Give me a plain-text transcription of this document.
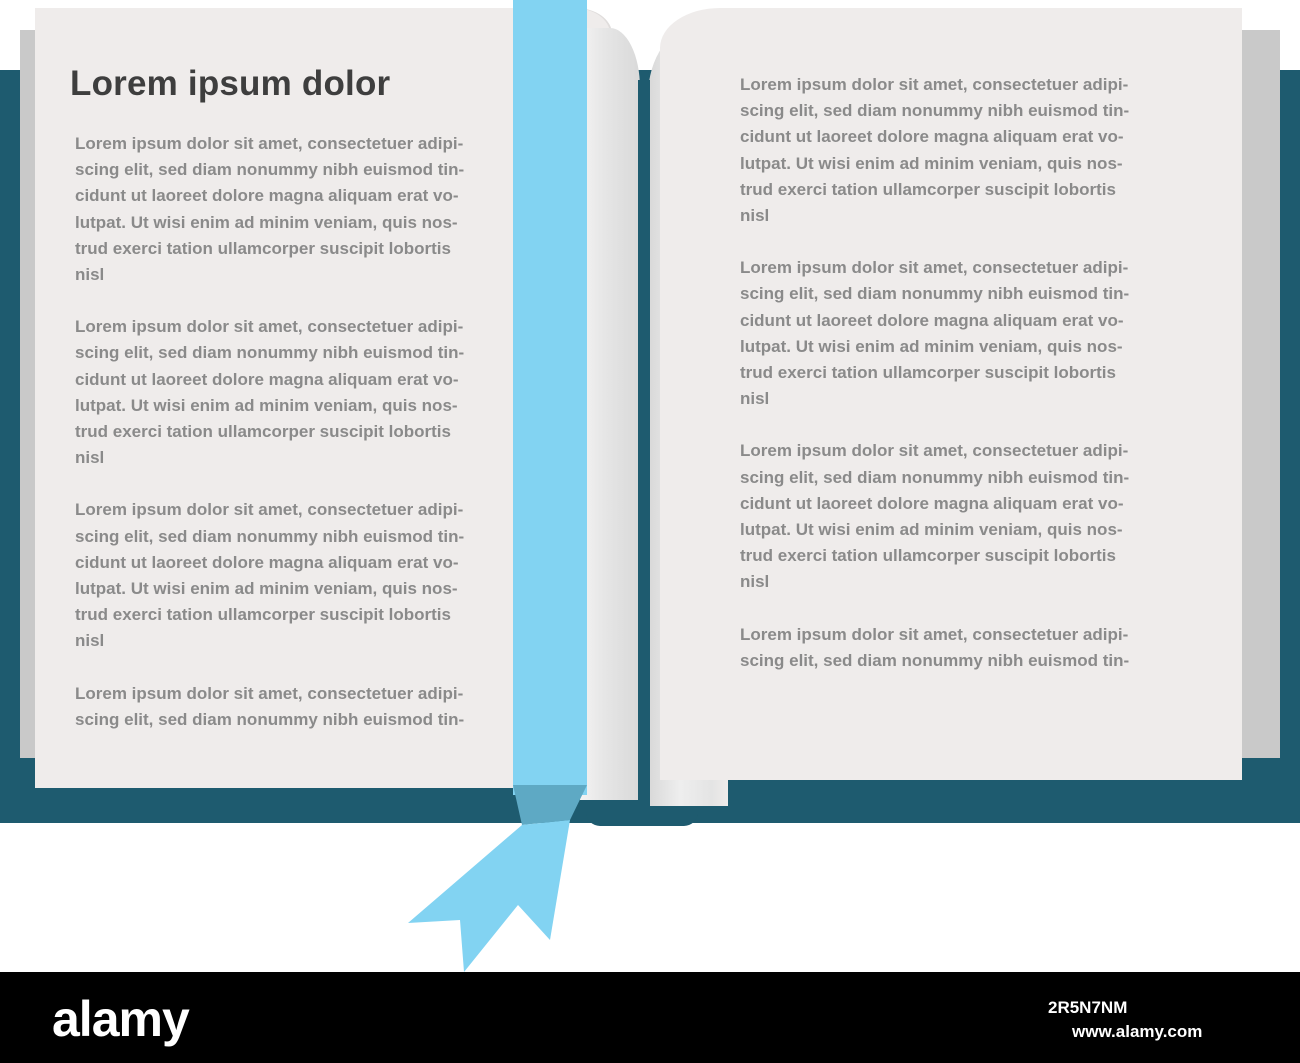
Lorem ipsum dolor

Lorem ipsum dolor sit amet, consectetuer adipi-
scing elit, sed diam nonummy nibh euismod tin-
cidunt ut laoreet dolore magna aliquam erat vo-
lutpat. Ut wisi enim ad minim veniam, quis nos-
trud exerci tation ullamcorper suscipit lobortis
nisl

Lorem ipsum dolor sit amet, consectetuer adipi-
scing elit, sed diam nonummy nibh euismod tin-
cidunt ut laoreet dolore magna aliquam erat vo-
lutpat. Ut wisi enim ad minim veniam, quis nos-
trud exerci tation ullamcorper suscipit lobortis
nisl

Lorem ipsum dolor sit amet, consectetuer adipi-
scing elit, sed diam nonummy nibh euismod tin-
cidunt ut laoreet dolore magna aliquam erat vo-
lutpat. Ut wisi enim ad minim veniam, quis nos-
trud exerci tation ullamcorper suscipit lobortis
nisl

Lorem ipsum dolor sit amet, consectetuer adipi-
scing elit, sed diam nonummy nibh euismod tin-

Lorem ipsum dolor sit amet, consectetuer adipi-
scing elit, sed diam nonummy nibh euismod tin-
cidunt ut laoreet dolore magna aliquam erat vo-
lutpat. Ut wisi enim ad minim veniam, quis nos-
trud exerci tation ullamcorper suscipit lobortis
nisl

Lorem ipsum dolor sit amet, consectetuer adipi-
scing elit, sed diam nonummy nibh euismod tin-
cidunt ut laoreet dolore magna aliquam erat vo-
lutpat. Ut wisi enim ad minim veniam, quis nos-
trud exerci tation ullamcorper suscipit lobortis
nisl

Lorem ipsum dolor sit amet, consectetuer adipi-
scing elit, sed diam nonummy nibh euismod tin-
cidunt ut laoreet dolore magna aliquam erat vo-
lutpat. Ut wisi enim ad minim veniam, quis nos-
trud exerci tation ullamcorper suscipit lobortis
nisl

Lorem ipsum dolor sit amet, consectetuer adipi-
scing elit, sed diam nonummy nibh euismod tin-

alamy	2R5N7NM
www.alamy.com
